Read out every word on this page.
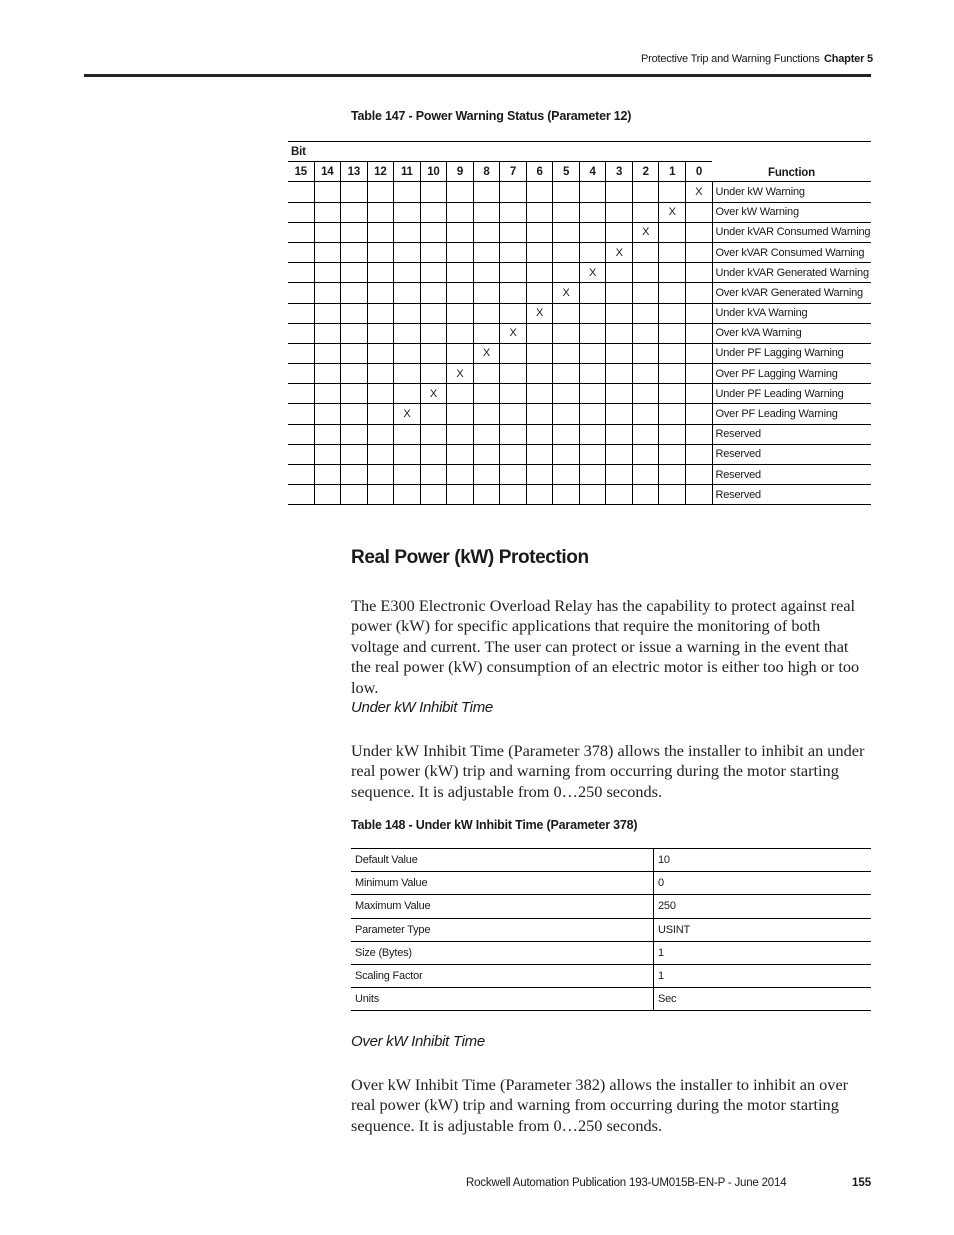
Protective Trip and Warning Functions Chapter 5
Table 147 - Power Warning Status (Parameter 12)
Bit																Function
15	14	13	12	11	10	9	8	7	6	5	4	3	2	1	0	
															X	Under kW Warning
														X		Over kW Warning
													X			Under kVAR Consumed Warning
												X				Over kVAR Consumed Warning
											X					Under kVAR Generated Warning
										X						Over kVAR Generated Warning
									X							Under kVA Warning
								X								Over kVA Warning
							X									Under PF Lagging Warning
						X										Over PF Lagging Warning
					X											Under PF Leading Warning
				X												Over PF Leading Warning
																Reserved
																Reserved
																Reserved
																Reserved
Real Power (kW) Protection
The E300 Electronic Overload Relay has the capability to protect against real power (kW) for specific applications that require the monitoring of both voltage and current. The user can protect or issue a warning in the event that the real power (kW) consumption of an electric motor is either too high or too low.
Under kW Inhibit Time
Under kW Inhibit Time (Parameter 378) allows the installer to inhibit an under real power (kW) trip and warning from occurring during the motor starting sequence. It is adjustable from 0…250 seconds.
Table 148 - Under kW Inhibit Time (Parameter 378)
Default Value	10
Minimum Value	0
Maximum Value	250
Parameter Type	USINT
Size (Bytes)	1
Scaling Factor	1
Units	Sec
Over kW Inhibit Time
Over kW Inhibit Time (Parameter 382) allows the installer to inhibit an over real power (kW) trip and warning from occurring during the motor starting sequence. It is adjustable from 0…250 seconds.
Rockwell Automation Publication 193-UM015B-EN-P - June 2014	155
